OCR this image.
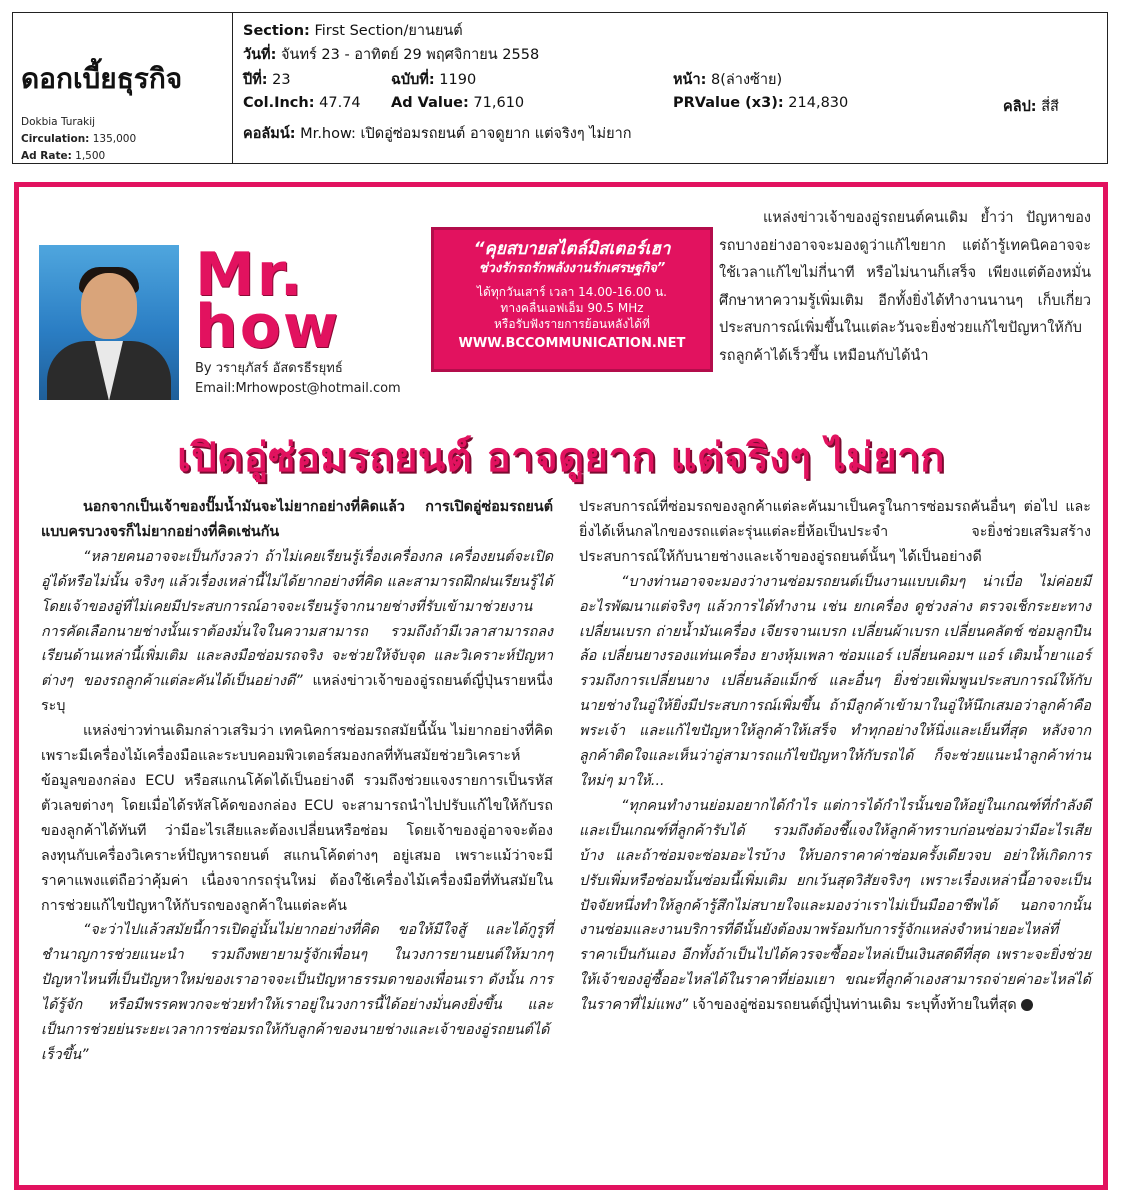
ดอกเบี้ยธุรกิจ
Dokbia Turakij
Circulation: 135,000
Ad Rate: 1,500
Section: First Section/ยานยนต์
วันที่: จันทร์ 23 - อาทิตย์ 29 พฤศจิกายน 2558
ปีที่: 23	ฉบับที่: 1190	หน้า: 8(ล่างซ้าย)
Col.Inch: 47.74 Ad Value: 71,610	PRValue (x3): 214,830	คลิป: สี่สี
คอลัมน์: Mr.how: เปิดอู่ซ่อมรถยนต์ อาจดูยาก แต่จริงๆ ไม่ยาก
Mr.
how
By วรายุภัสร์ อัสดรธีรยุทธ์
Email:Mrhowpost@hotmail.com
“คุยสบายสไตล์มิสเตอร์เฮา
ช่วงรักรถรักพลังงานรักเศรษฐกิจ”
ได้ทุกวันเสาร์ เวลา 14.00-16.00 น.
ทางคลื่นเอฟเอ็ม 90.5 MHz
หรือรับฟังรายการย้อนหลังได้ที่
WWW.BCCOMMUNICATION.NET
แหล่งข่าวเจ้าของอู่รถยนต์คนเดิม ย้ำว่า ปัญหาของรถบางอย่างอาจจะมองดูว่าแก้ไขยาก แต่ถ้ารู้เทคนิคอาจจะใช้เวลาแก้ไขไม่กี่นาที หรือไม่นานก็เสร็จ เพียงแต่ต้องหมั่นศึกษาหาความรู้เพิ่มเติม อีกทั้งยิ่งได้ทำงานนานๆ เก็บเกี่ยวประสบการณ์เพิ่มขึ้นในแต่ละวันจะยิ่งช่วยแก้ไขปัญหาให้กับรถลูกค้าได้เร็วขึ้น เหมือนกับได้นำ
เปิดอู่ซ่อมรถยนต์ อาจดูยาก แต่จริงๆ ไม่ยาก

นอกจากเป็นเจ้าของปั๊มน้ำมันจะไม่ยากอย่างที่คิดแล้ว การเปิดอู่ซ่อมรถยนต์แบบครบวงจรก็ไม่ยากอย่างที่คิดเช่นกัน

“หลายคนอาจจะเป็นกังวลว่า ถ้าไม่เคยเรียนรู้เรื่องเครื่องกล เครื่องยนต์จะเปิดอู่ได้หรือไม่นั้น จริงๆ แล้วเรื่องเหล่านี้ไม่ได้ยากอย่างที่คิด และสามารถฝึกฝนเรียนรู้ได้ โดยเจ้าของอู่ที่ไม่เคยมีประสบการณ์อาจจะเรียนรู้จากนายช่างที่รับเข้ามาช่วยงาน การคัดเลือกนายช่างนั้นเราต้องมั่นใจในความสามารถ รวมถึงถ้ามีเวลาสามารถลงเรียนด้านเหล่านี้เพิ่มเติม และลงมือซ่อมรถจริง จะช่วยให้จับจุด และวิเคราะห์ปัญหาต่างๆ ของรถลูกค้าแต่ละคันได้เป็นอย่างดี” แหล่งข่าวเจ้าของอู่รถยนต์ญี่ปุ่นรายหนึ่งระบุ

แหล่งข่าวท่านเดิมกล่าวเสริมว่า เทคนิคการซ่อมรถสมัยนี้นั้น ไม่ยากอย่างที่คิด เพราะมีเครื่องไม้เครื่องมือและระบบคอมพิวเตอร์สมองกลที่ทันสมัยช่วยวิเคราะห์ข้อมูลของกล่อง ECU หรือสแกนโค้ดได้เป็นอย่างดี รวมถึงช่วยแจงรายการเป็นรหัสตัวเลขต่างๆ โดยเมื่อได้รหัสโค้ดของกล่อง ECU จะสามารถนำไปปรับแก้ไขให้กับรถของลูกค้าได้ทันที ว่ามีอะไรเสียและต้องเปลี่ยนหรือซ่อม โดยเจ้าของอู่อาจจะต้องลงทุนกับเครื่องวิเคราะห์ปัญหารถยนต์ สแกนโค้ดต่างๆ อยู่เสมอ เพราะแม้ว่าจะมีราคาแพงแต่ถือว่าคุ้มค่า เนื่องจากรถรุ่นใหม่ ต้องใช้เครื่องไม้เครื่องมือที่ทันสมัยในการช่วยแก้ไขปัญหาให้กับรถของลูกค้าในแต่ละคัน

“จะว่าไปแล้วสมัยนี้การเปิดอู่นั้นไม่ยากอย่างที่คิด ขอให้มีใจสู้ และได้กูรูที่ชำนาญการช่วยแนะนำ รวมถึงพยายามรู้จักเพื่อนๆ ในวงการยานยนต์ให้มากๆ ปัญหาไหนที่เป็นปัญหาใหม่ของเราอาจจะเป็นปัญหาธรรมดาของเพื่อนเรา ดังนั้น การได้รู้จัก หรือมีพรรคพวกจะช่วยทำให้เราอยู่ในวงการนี้ได้อย่างมั่นคงยิ่งขึ้น และเป็นการช่วยย่นระยะเวลาการซ่อมรถให้กับลูกค้าของนายช่างและเจ้าของอู่รถยนต์ได้เร็วขึ้น”

ประสบการณ์ที่ซ่อมรถของลูกค้าแต่ละคันมาเป็นครูในการซ่อมรถคันอื่นๆ ต่อไป และยิ่งได้เห็นกลไกของรถแต่ละรุ่นแต่ละยี่ห้อเป็นประจำ จะยิ่งช่วยเสริมสร้างประสบการณ์ให้กับนายช่างและเจ้าของอู่รถยนต์นั้นๆ ได้เป็นอย่างดี

“บางท่านอาจจะมองว่างานซ่อมรถยนต์เป็นงานแบบเดิมๆ น่าเบื่อ ไม่ค่อยมีอะไรพัฒนาแต่จริงๆ แล้วการได้ทำงาน เช่น ยกเครื่อง ดูช่วงล่าง ตรวจเช็กระยะทาง เปลี่ยนเบรก ถ่ายน้ำมันเครื่อง เจียรจานเบรก เปลี่ยนผ้าเบรก เปลี่ยนคลัตช์ ซ่อมลูกปืนล้อ เปลี่ยนยางรองแท่นเครื่อง ยางหุ้มเพลา ซ่อมแอร์ เปลี่ยนคอมฯ แอร์ เติมน้ำยาแอร์ รวมถึงการเปลี่ยนยาง เปลี่ยนล้อแม็กซ์ และอื่นๆ ยิ่งช่วยเพิ่มพูนประสบการณ์ให้กับนายช่างในอู่ให้ยิ่งมีประสบการณ์เพิ่มขึ้น ถ้ามีลูกค้าเข้ามาในอู่ให้นึกเสมอว่าลูกค้าคือพระเจ้า และแก้ไขปัญหาให้ลูกค้าให้เสร็จ ทำทุกอย่างให้นิ่งและเย็นที่สุด หลังจากลูกค้าติดใจและเห็นว่าอู่สามารถแก้ไขปัญหาให้กับรถได้ ก็จะช่วยแนะนำลูกค้าท่านใหม่ๆ มาให้...

“ทุกคนทำงานย่อมอยากได้กำไร แต่การได้กำไรนั้นขอให้อยู่ในเกณฑ์ที่กำลังดี และเป็นเกณฑ์ที่ลูกค้ารับได้ รวมถึงต้องชี้แจงให้ลูกค้าทราบก่อนซ่อมว่ามีอะไรเสียบ้าง และถ้าซ่อมจะซ่อมอะไรบ้าง ให้บอกราคาค่าซ่อมครั้งเดียวจบ อย่าให้เกิดการปรับเพิ่มหรือซ่อมนั้นซ่อมนี้เพิ่มเติม ยกเว้นสุดวิสัยจริงๆ เพราะเรื่องเหล่านี้อาจจะเป็นปัจจัยหนึ่งทำให้ลูกค้ารู้สึกไม่สบายใจและมองว่าเราไม่เป็นมืออาชีพได้ นอกจากนั้น งานซ่อมและงานบริการที่ดีนั้นยังต้องมาพร้อมกับการรู้จักแหล่งจำหน่ายอะไหล่ที่ราคาเป็นกันเอง อีกทั้งถ้าเป็นไปได้ควรจะซื้ออะไหล่เป็นเงินสดดีที่สุด เพราะจะยิ่งช่วยให้เจ้าของอู่ซื้ออะไหล่ได้ในราคาที่ย่อมเยา ขณะที่ลูกค้าเองสามารถจ่ายค่าอะไหล่ได้ในราคาที่ไม่แพง” เจ้าของอู่ซ่อมรถยนต์ญี่ปุ่นท่านเดิม ระบุทิ้งท้ายในที่สุด
